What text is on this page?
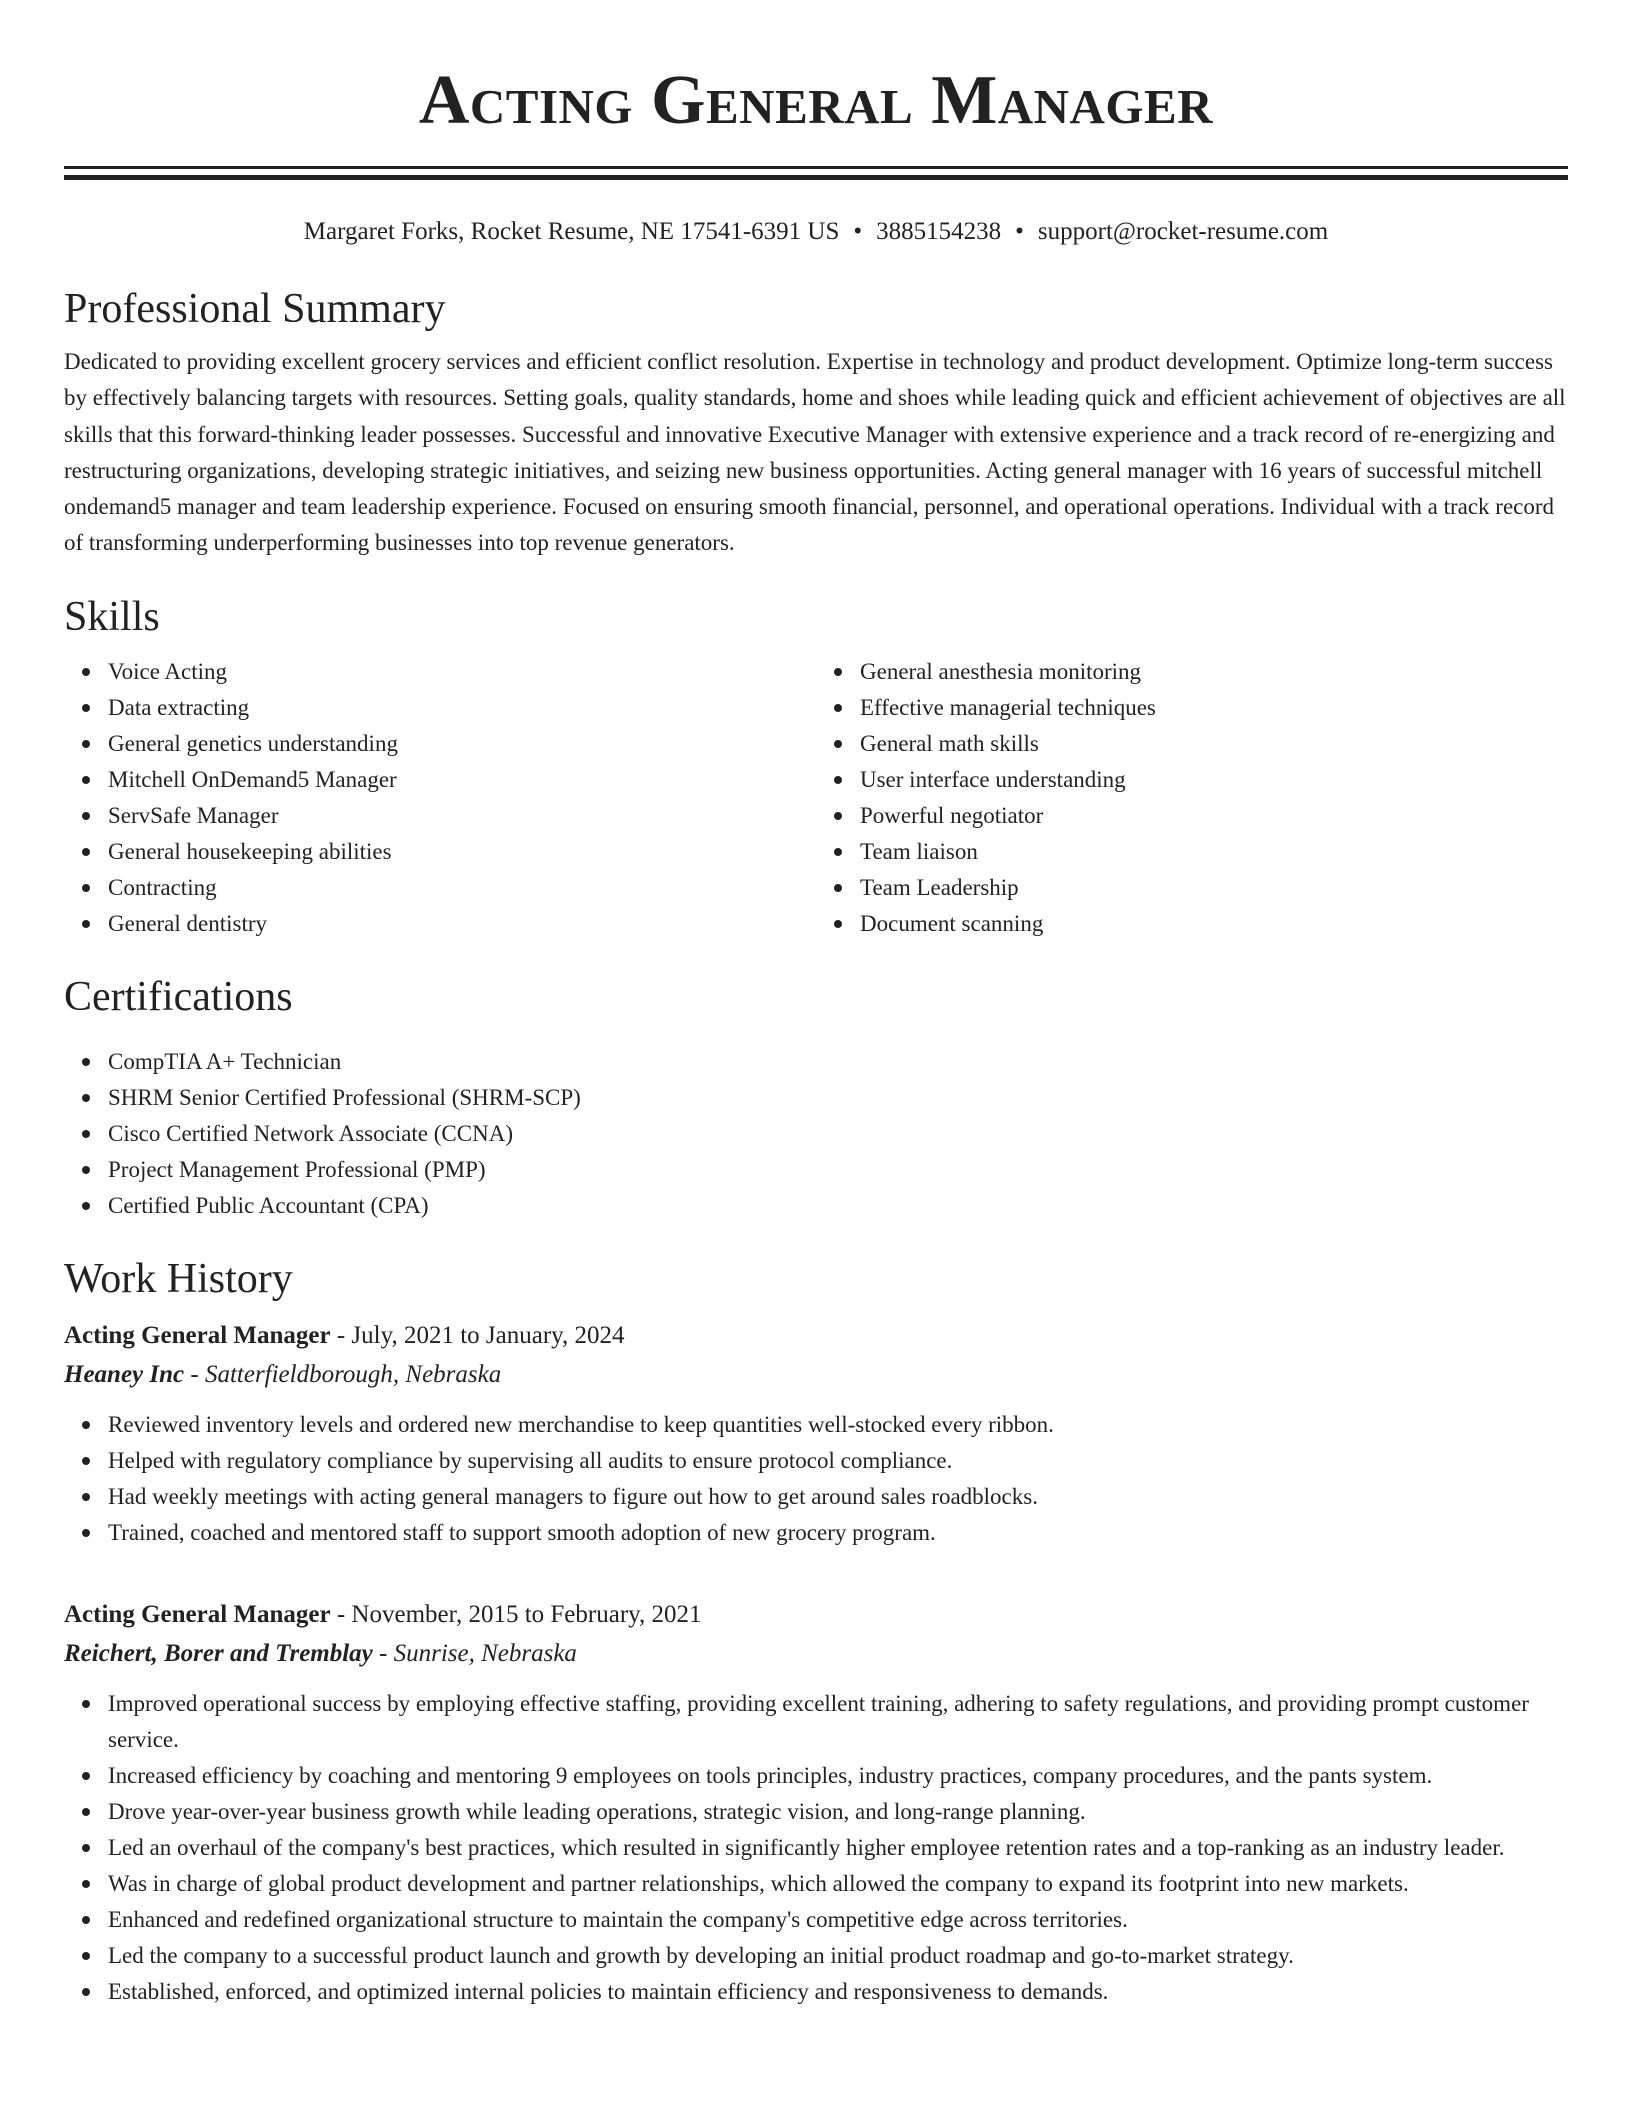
Acting General Manager
Margaret Forks, Rocket Resume, NE 17541-6391 US • 3885154238 • support@rocket-resume.com
Professional Summary

Dedicated to providing excellent grocery services and efficient conflict resolution. Expertise in technology and product development. Optimize long-term success by effectively balancing targets with resources. Setting goals, quality standards, home and shoes while leading quick and efficient achievement of objectives are all skills that this forward-thinking leader possesses. Successful and innovative Executive Manager with extensive experience and a track record of re-energizing and restructuring organizations, developing strategic initiatives, and seizing new business opportunities. Acting general manager with 16 years of successful mitchell ondemand5 manager and team leadership experience. Focused on ensuring smooth financial, personnel, and operational operations. Individual with a track record of transforming underperforming businesses into top revenue generators.

Skills
Voice Acting
Data extracting
General genetics understanding
Mitchell OnDemand5 Manager
ServSafe Manager
General housekeeping abilities
Contracting
General dentistry
General anesthesia monitoring
Effective managerial techniques
General math skills
User interface understanding
Powerful negotiator
Team liaison
Team Leadership
Document scanning
Certifications
CompTIA A+ Technician
SHRM Senior Certified Professional (SHRM-SCP)
Cisco Certified Network Associate (CCNA)
Project Management Professional (PMP)
Certified Public Accountant (CPA)
Work History
Acting General Manager - July, 2021 to January, 2024
Heaney Inc - Satterfieldborough, Nebraska
Reviewed inventory levels and ordered new merchandise to keep quantities well-stocked every ribbon.
Helped with regulatory compliance by supervising all audits to ensure protocol compliance.
Had weekly meetings with acting general managers to figure out how to get around sales roadblocks.
Trained, coached and mentored staff to support smooth adoption of new grocery program.
Acting General Manager - November, 2015 to February, 2021
Reichert, Borer and Tremblay - Sunrise, Nebraska
Improved operational success by employing effective staffing, providing excellent training, adhering to safety regulations, and providing prompt customer service.
Increased efficiency by coaching and mentoring 9 employees on tools principles, industry practices, company procedures, and the pants system.
Drove year-over-year business growth while leading operations, strategic vision, and long-range planning.
Led an overhaul of the company's best practices, which resulted in significantly higher employee retention rates and a top-ranking as an industry leader.
Was in charge of global product development and partner relationships, which allowed the company to expand its footprint into new markets.
Enhanced and redefined organizational structure to maintain the company's competitive edge across territories.
Led the company to a successful product launch and growth by developing an initial product roadmap and go-to-market strategy.
Established, enforced, and optimized internal policies to maintain efficiency and responsiveness to demands.
